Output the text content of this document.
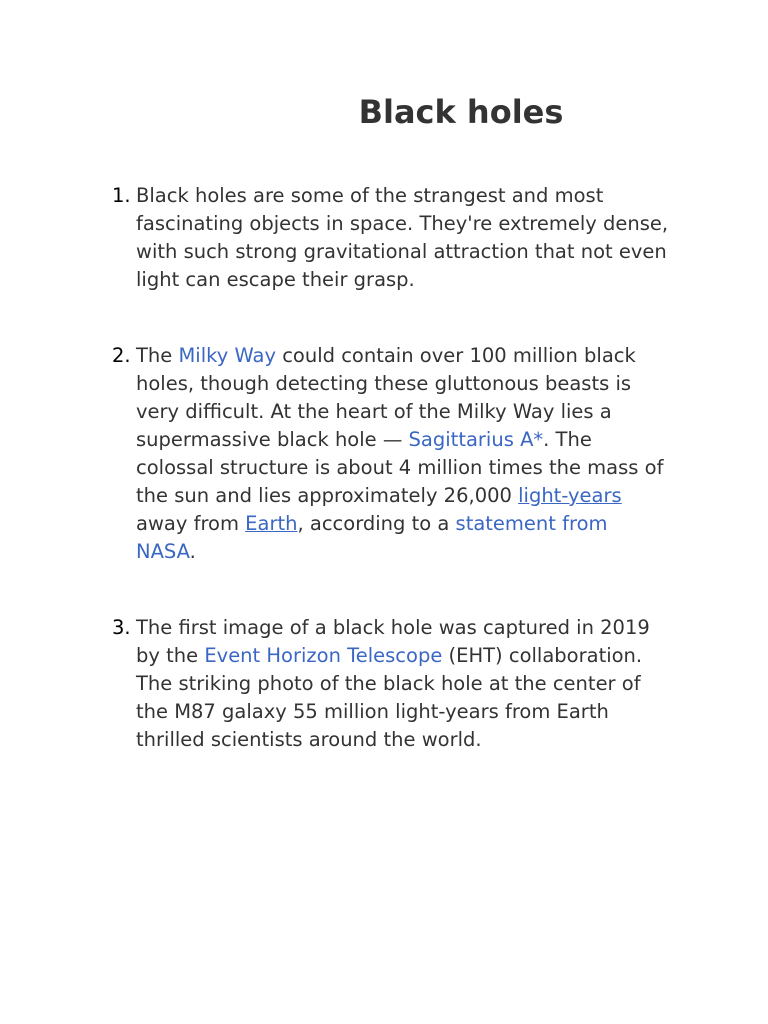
Black holes
1. Black holes are some of the strangest and most fascinating objects in space. They're extremely dense, with such strong gravitational attraction that not even light can escape their grasp.

2. The Milky Way could contain over 100 million black holes, though detecting these gluttonous beasts is very difficult. At the heart of the Milky Way lies a supermassive black hole — Sagittarius A*. The colossal structure is about 4 million times the mass of the sun and lies approximately 26,000 light-years away from Earth, according to a statement from NASA.

3. The first image of a black hole was captured in 2019 by the Event Horizon Telescope (EHT) collaboration. The striking photo of the black hole at the center of the M87 galaxy 55 million light-years from Earth thrilled scientists around the world.
